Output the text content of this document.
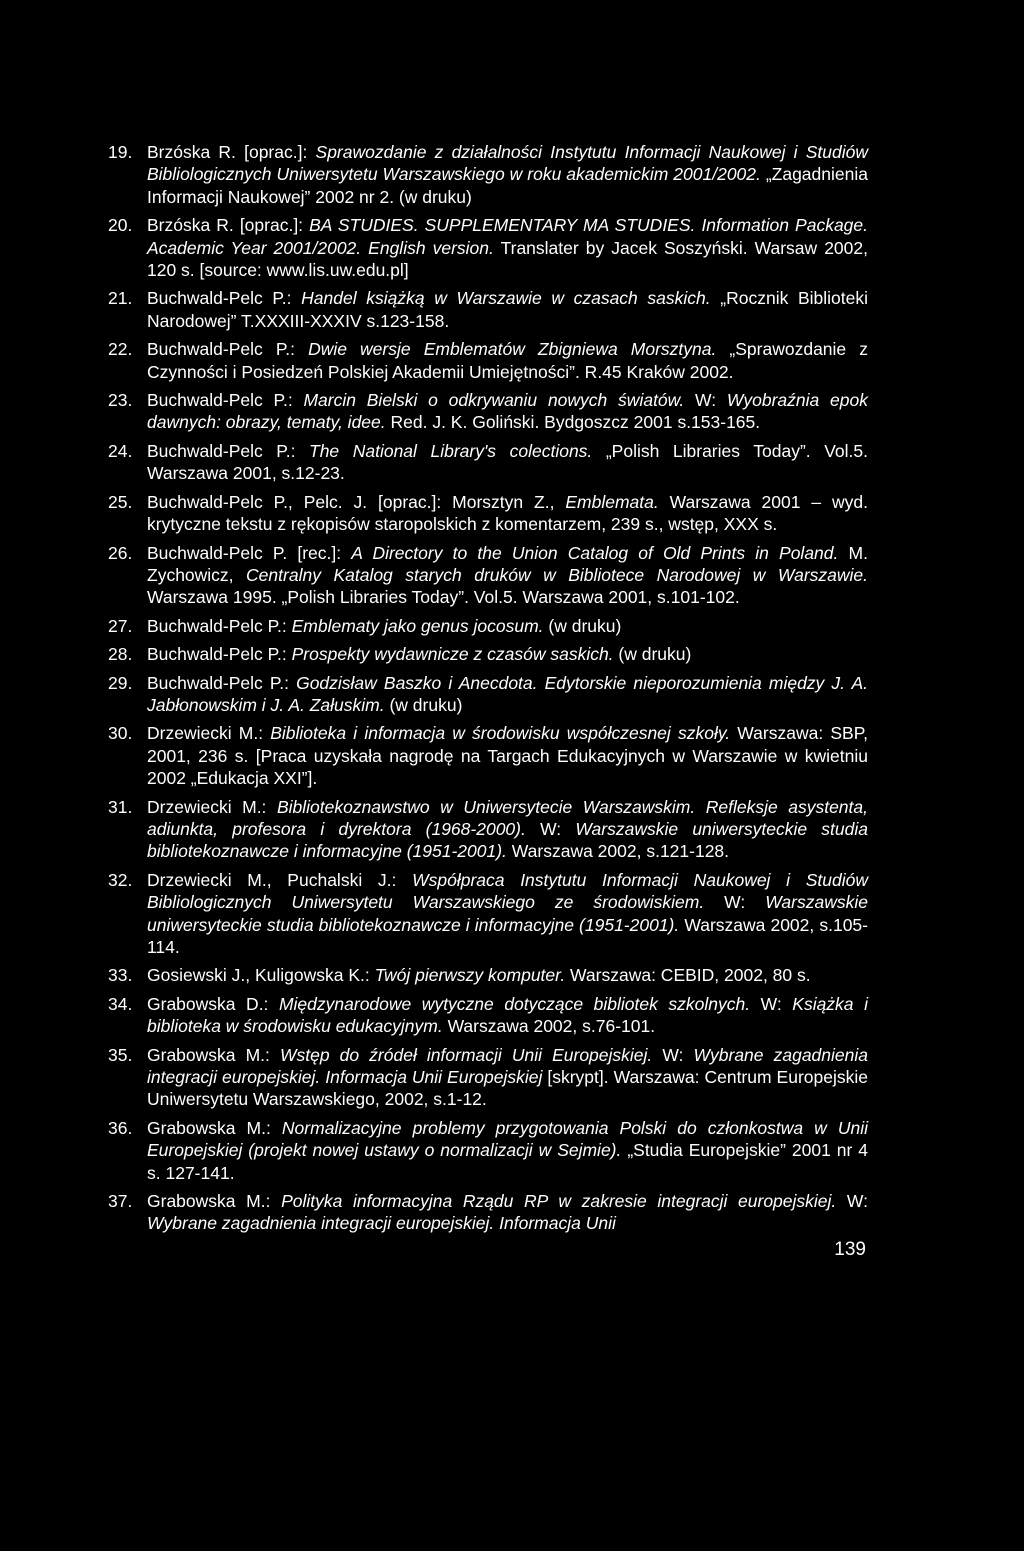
19. Brzóska R. [oprac.]: Sprawozdanie z działalności Instytutu Informacji Naukowej i Studiów Bibliologicznych Uniwersytetu Warszawskiego w roku akademickim 2001/2002. „Zagadnienia Informacji Naukowej” 2002 nr 2. (w druku)
20. Brzóska R. [oprac.]: BA STUDIES. SUPPLEMENTARY MA STUDIES. Information Package. Academic Year 2001/2002. English version. Translater by Jacek Soszyński. Warsaw 2002, 120 s. [source: www.lis.uw.edu.pl]
21. Buchwald-Pelc P.: Handel książką w Warszawie w czasach saskich. „Rocznik Biblioteki Narodowej” T.XXXIII-XXXIV s.123-158.
22. Buchwald-Pelc P.: Dwie wersje Emblematów Zbigniewa Morsztyna. „Sprawozdanie z Czynności i Posiedzeń Polskiej Akademii Umiejętności”. R.45 Kraków 2002.
23. Buchwald-Pelc P.: Marcin Bielski o odkrywaniu nowych światów. W: Wyobraźnia epok dawnych: obrazy, tematy, idee. Red. J. K. Goliński. Bydgoszcz 2001 s.153-165.
24. Buchwald-Pelc P.: The National Library's colections. „Polish Libraries Today”. Vol.5. Warszawa 2001, s.12-23.
25. Buchwald-Pelc P., Pelc. J. [oprac.]: Morsztyn Z., Emblemata. Warszawa 2001 – wyd. krytyczne tekstu z rękopisów staropolskich z komentarzem, 239 s., wstęp, XXX s.
26. Buchwald-Pelc P. [rec.]: A Directory to the Union Catalog of Old Prints in Poland. M. Zychowicz, Centralny Katalog starych druków w Bibliotece Narodowej w Warszawie. Warszawa 1995. „Polish Libraries Today”. Vol.5. Warszawa 2001, s.101-102.
27. Buchwald-Pelc P.: Emblematy jako genus jocosum. (w druku)
28. Buchwald-Pelc P.: Prospekty wydawnicze z czasów saskich. (w druku)
29. Buchwald-Pelc P.: Godzisław Baszko i Anecdota. Edytorskie nieporozumienia między J. A. Jabłonowskim i J. A. Załuskim. (w druku)
30. Drzewiecki M.: Biblioteka i informacja w środowisku współczesnej szkoły. Warszawa: SBP, 2001, 236 s. [Praca uzyskała nagrodę na Targach Edukacyjnych w Warszawie w kwietniu 2002 „Edukacja XXI”].
31. Drzewiecki M.: Bibliotekoznawstwo w Uniwersytecie Warszawskim. Refleksje asystenta, adiunkta, profesora i dyrektora (1968-2000). W: Warszawskie uniwersyteckie studia bibliotekoznawcze i informacyjne (1951-2001). Warszawa 2002, s.121-128.
32. Drzewiecki M., Puchalski J.: Współpraca Instytutu Informacji Naukowej i Studiów Bibliologicznych Uniwersytetu Warszawskiego ze środowiskiem. W: Warszawskie uniwersyteckie studia bibliotekoznawcze i informacyjne (1951-2001). Warszawa 2002, s.105-114.
33. Gosiewski J., Kuligowska K.: Twój pierwszy komputer. Warszawa: CEBID, 2002, 80 s.
34. Grabowska D.: Międzynarodowe wytyczne dotyczące bibliotek szkolnych. W: Książka i biblioteka w środowisku edukacyjnym. Warszawa 2002, s.76-101.
35. Grabowska M.: Wstęp do źródeł informacji Unii Europejskiej. W: Wybrane zagadnienia integracji europejskiej. Informacja Unii Europejskiej [skrypt]. Warszawa: Centrum Europejskie Uniwersytetu Warszawskiego, 2002, s.1-12.
36. Grabowska M.: Normalizacyjne problemy przygotowania Polski do członkostwa w Unii Europejskiej (projekt nowej ustawy o normalizacji w Sejmie). „Studia Europejskie” 2001 nr 4 s. 127-141.
37. Grabowska M.: Polityka informacyjna Rządu RP w zakresie integracji europejskiej. W: Wybrane zagadnienia integracji europejskiej. Informacja Unii
139
